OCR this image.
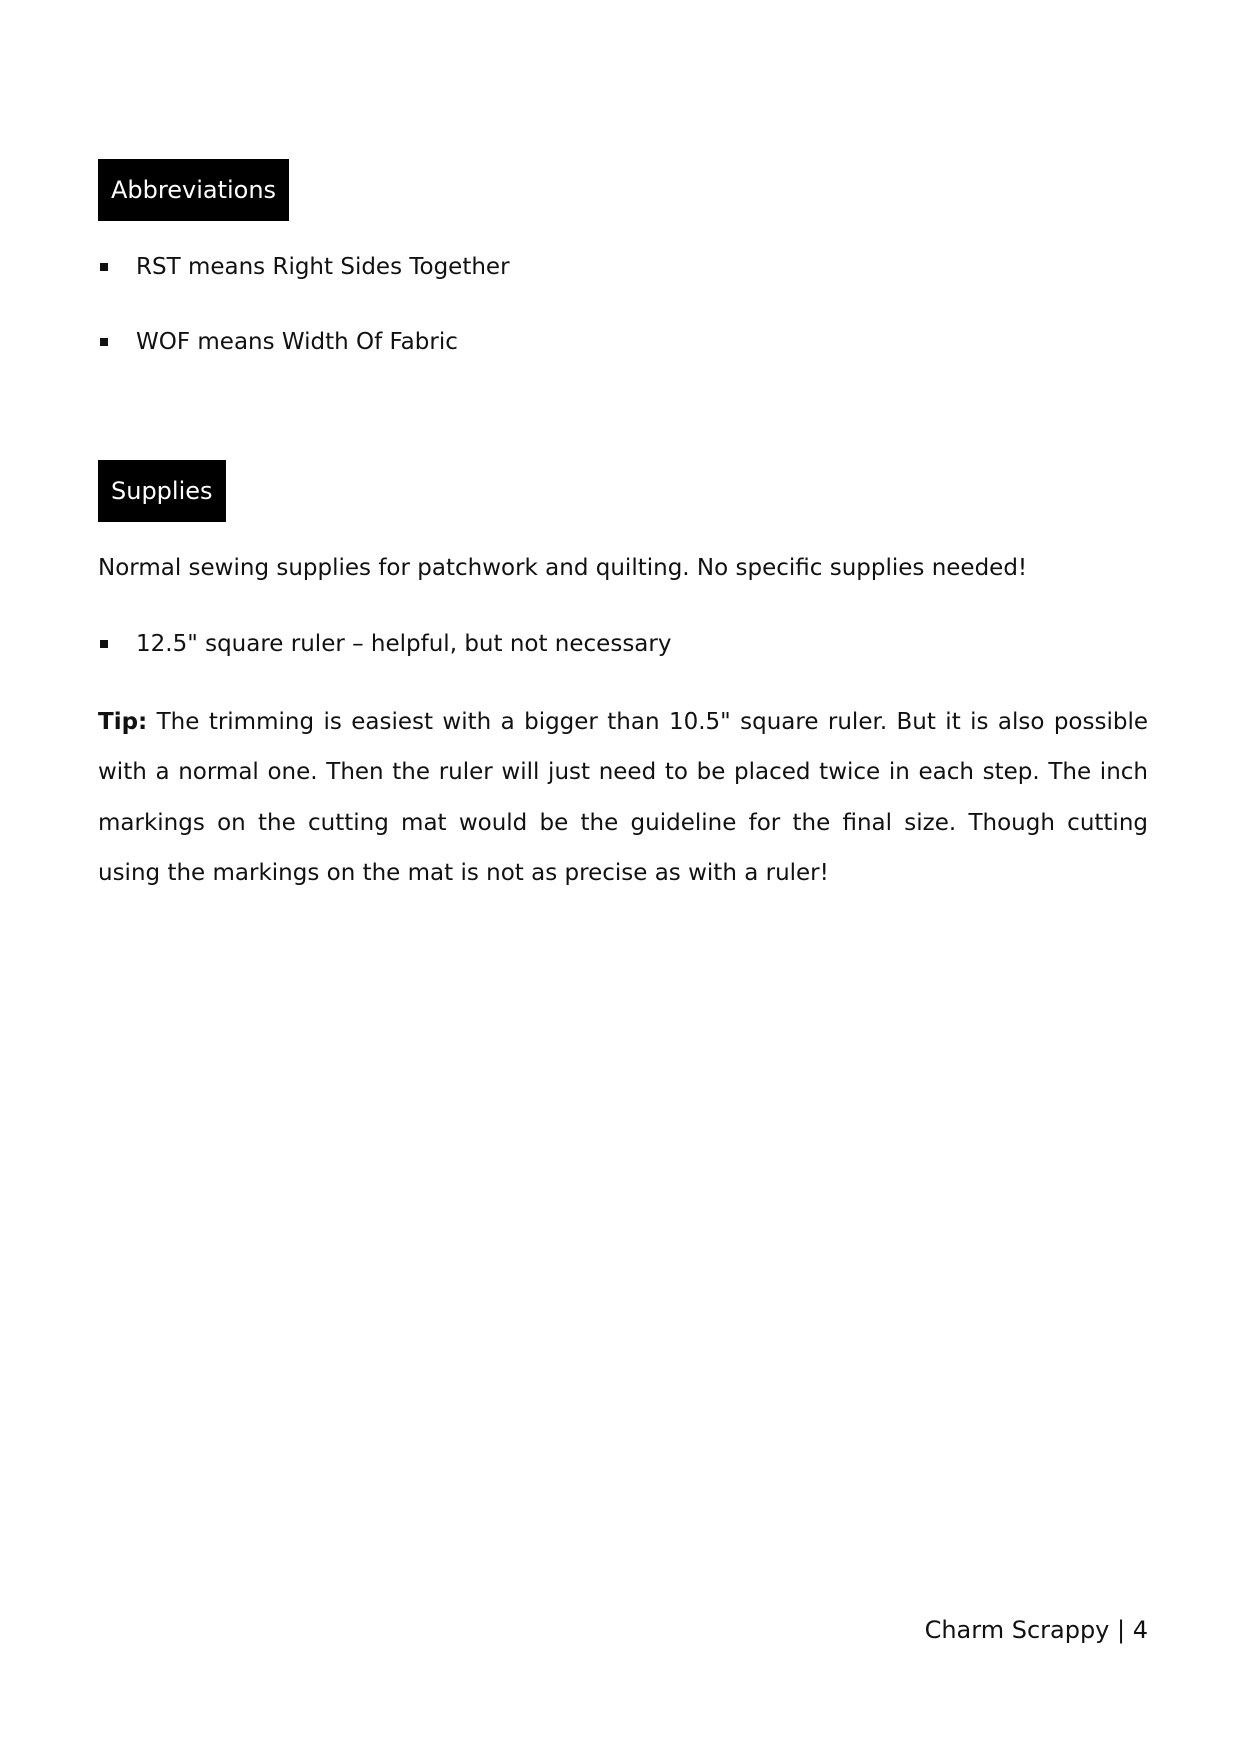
Abbreviations
RST means Right Sides Together
WOF means Width Of Fabric
Supplies
Normal sewing supplies for patchwork and quilting. No specific supplies needed!
12.5" square ruler – helpful, but not necessary

Tip: The trimming is easiest with a bigger than 10.5" square ruler. But it is also possible with a normal one. Then the ruler will just need to be placed twice in each step. The inch markings on the cutting mat would be the guideline for the final size. Though cutting using the markings on the mat is not as precise as with a ruler!

Charm Scrappy | 4
